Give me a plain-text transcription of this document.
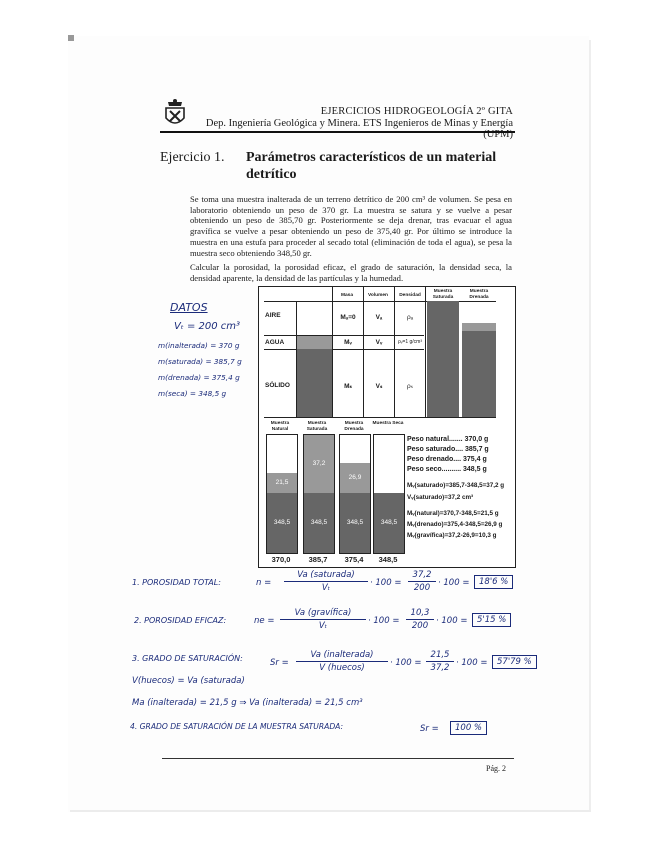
EJERCICIOS HIDROGEOLOGÍA 2º GITA
Dep. Ingeniería Geológica y Minera. ETS Ingenieros de Minas y Energía (UPM)
Ejercicio 1. Parámetros característicos de un material detrítico
Se toma una muestra inalterada de un terreno detrítico de 200 cm³ de volumen. Se pesa en laboratorio obteniendo un peso de 370 gr. La muestra se satura y se vuelve a pesar obteniendo un peso de 385,70 gr. Posteriormente se deja drenar, tras evacuar el agua gravífica se vuelve a pesar obteniendo un peso de 375,40 gr. Por último se introduce la muestra en una estufa para proceder al secado total (eliminación de toda el agua), se pesa la muestra seco obteniendo 348,50 gr.
Calcular la porosidad, la porosidad eficaz, el grado de saturación, la densidad seca, la densidad aparente, la densidad de las partículas y la humedad.
Masa	Volumen	Densidad
Muestra Saturada
Muestra Drenada
AIRE
AGUA
SÓLIDO
Mₐ=0	Vₐ	ρₐ
Mᵥ	Vᵥ	ρᵥ=1 g/cm³
Mₛ	Vₛ	ρₛ
Muestra Natural
Muestra Saturada
Muestra Drenada
Muestra Seca
21,5
348,5
37,2
348,5
26,9
348,5	348,5
370,0	385,7	375,4	348,5
Peso natural....... 370,0 g
Peso saturado.... 385,7 g
Peso drenado.... 375,4 g
Peso seco.......... 348,5 g
Mᵥ(saturado)=385,7-348,5=37,2 g
Vᵥ(saturado)=37,2 cm³
Mᵥ(natural)=370,7-348,5=21,5 g
Mᵥ(drenado)=375,4-348,5=26,9 g
Mᵥ(gravífica)=37,2-26,9=10,3 g
DATOS
Vₜ = 200 cm³
m(inalterada) = 370 g
m(saturada) = 385,7 g
m(drenada) = 375,4 g
m(seca) = 348,5 g
1. POROSIDAD TOTAL:	n =
Va (saturada)
Vₜ	· 100 =
37,2
200 · 100 =	18'6 %
2. POROSIDAD EFICAZ:	ne =
Va (gravífica)
Vₜ	· 100 =
10,3
200 · 100 =	5'15 %
3. GRADO DE SATURACIÓN:	Sr =
Va (inalterada)
V (huecos)	· 100 =
21,5
37,2 · 100 =	57'79 %
V(huecos) = Va (saturada)
Ma (inalterada) = 21,5 g ⇒ Va (inalterada) = 21,5 cm³
4. GRADO DE SATURACIÓN DE LA MUESTRA SATURADA:	Sr =	100 %
Pág. 2
